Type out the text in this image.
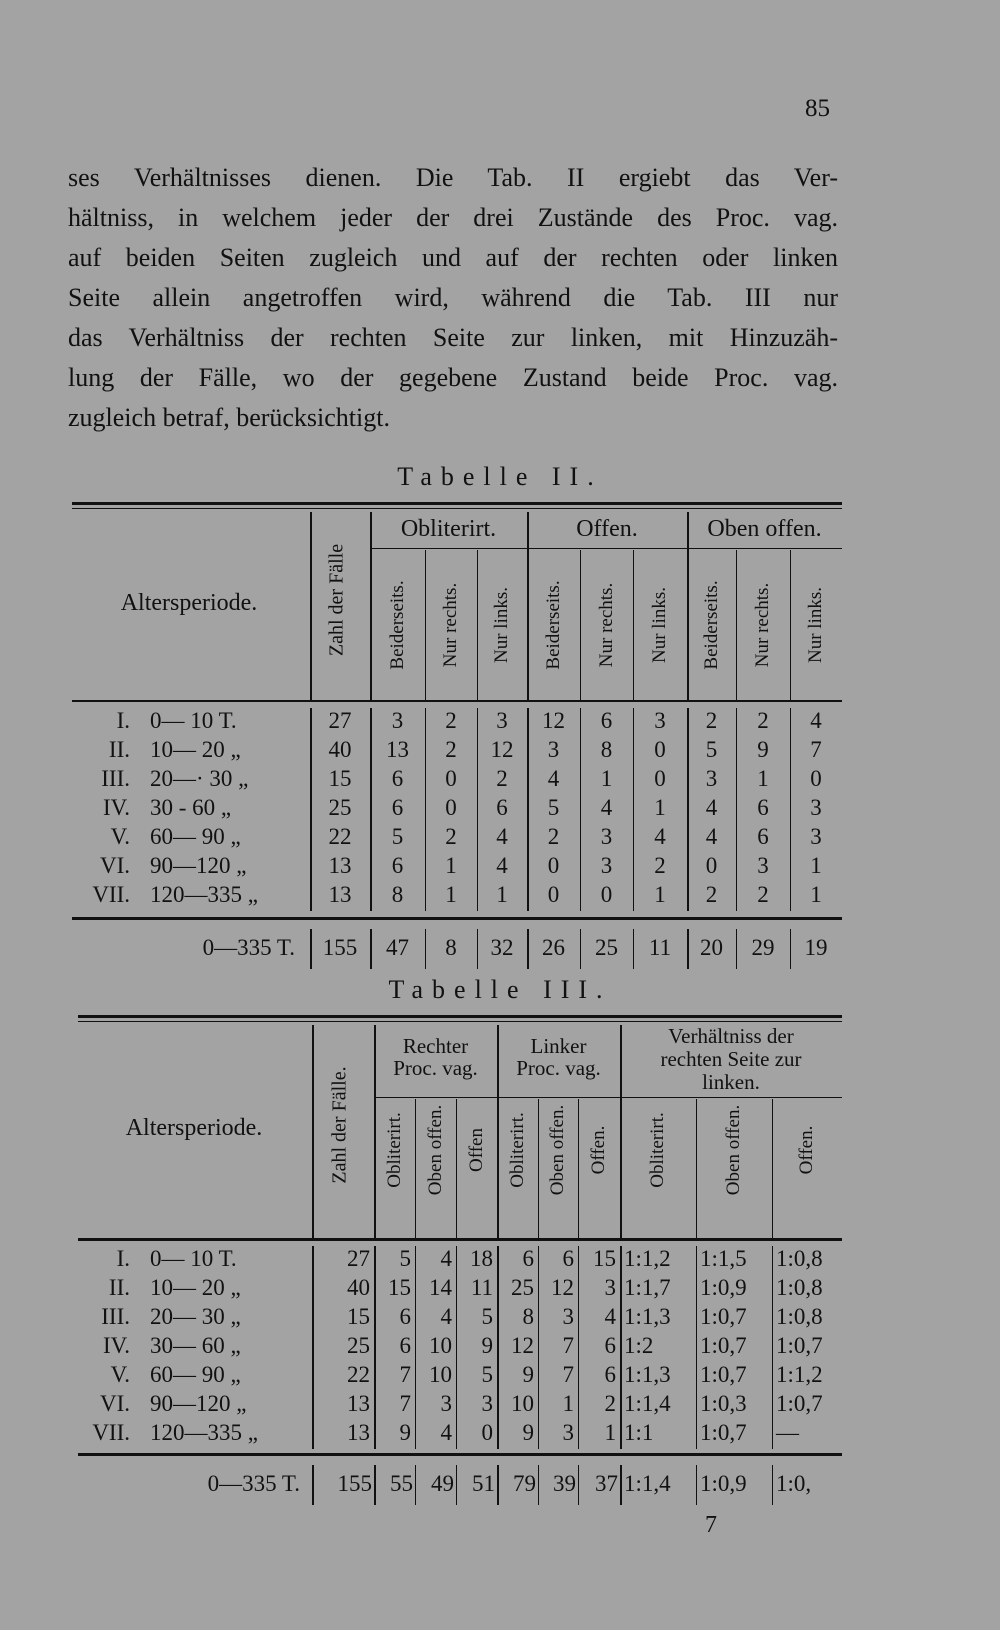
85
ses Verhältnisses dienen. Die Tab. II ergiebt das Ver-
hältniss, in welchem jeder der drei Zustände des Proc. vag.
auf beiden Seiten zugleich und auf der rechten oder linken
Seite allein angetroffen wird, während die Tab. III nur
das Verhältniss der rechten Seite zur linken, mit Hinzuzäh-
lung der Fälle, wo der gegebene Zustand beide Proc. vag.
zugleich betraf, berücksichtigt.
Tabelle II.
Altersperiode.	Zahl der Fälle
Obliterirt.	Offen.	Oben offen.
Beiderseits. Nur rechts. Nur links. Beiderseits. Nur rechts. Nur links. Beiderseits. Nur rechts. Nur links.
I. 0— 10 T.	27	3	2	3	12	6	3	2	2	4
II. 10— 20 „	40	13	2	12	3	8	0	5	9	7
III. 20—· 30 „	15	6	0	2	4	1	0	3	1	0
IV. 30 - 60 „	25	6	0	6	5	4	1	4	6	3
V. 60— 90 „	22	5	2	4	2	3	4	4	6	3
VI. 90—120 „	13	6	1	4	0	3	2	0	3	1
VII. 120—335 „	13	8	1	1	0	0	1	2	2	1
0—335 T.	155	47	8	32	26	25	11	20	29	19
Tabelle III.
Altersperiode.	Zahl der Fälle.
Rechter
Proc. vag.
Linker
Proc. vag.
Verhältniss der
rechten Seite zur
linken.
Obliterirt. Oben offen. Offen Obliterirt. Oben offen. Offen. Obliterirt.	Oben offen.	Offen.
I. 0— 10 T.	27	5	4 18	6	6 15 1:1,2	1:1,5	1:0,8
II. 10— 20 „	40 15 14 11 25 12	3 1:1,7	1:0,9	1:0,8
III. 20— 30 „	15	6	4	5	8	3	4 1:1,3	1:0,7	1:0,8
IV. 30— 60 „	25	6 10	9 12	7	6 1:2	1:0,7	1:0,7
V. 60— 90 „	22	7 10	5	9	7	6 1:1,3	1:0,7	1:1,2
VI. 90—120 „	13	7	3	3 10	1	2 1:1,4	1:0,3	1:0,7
VII. 120—335 „	13	9	4	0	9	3	1 1:1	1:0,7	—
0—335 T.	155 55 49 51 79 39 37 1:1,4	1:0,9	1:0,
7
